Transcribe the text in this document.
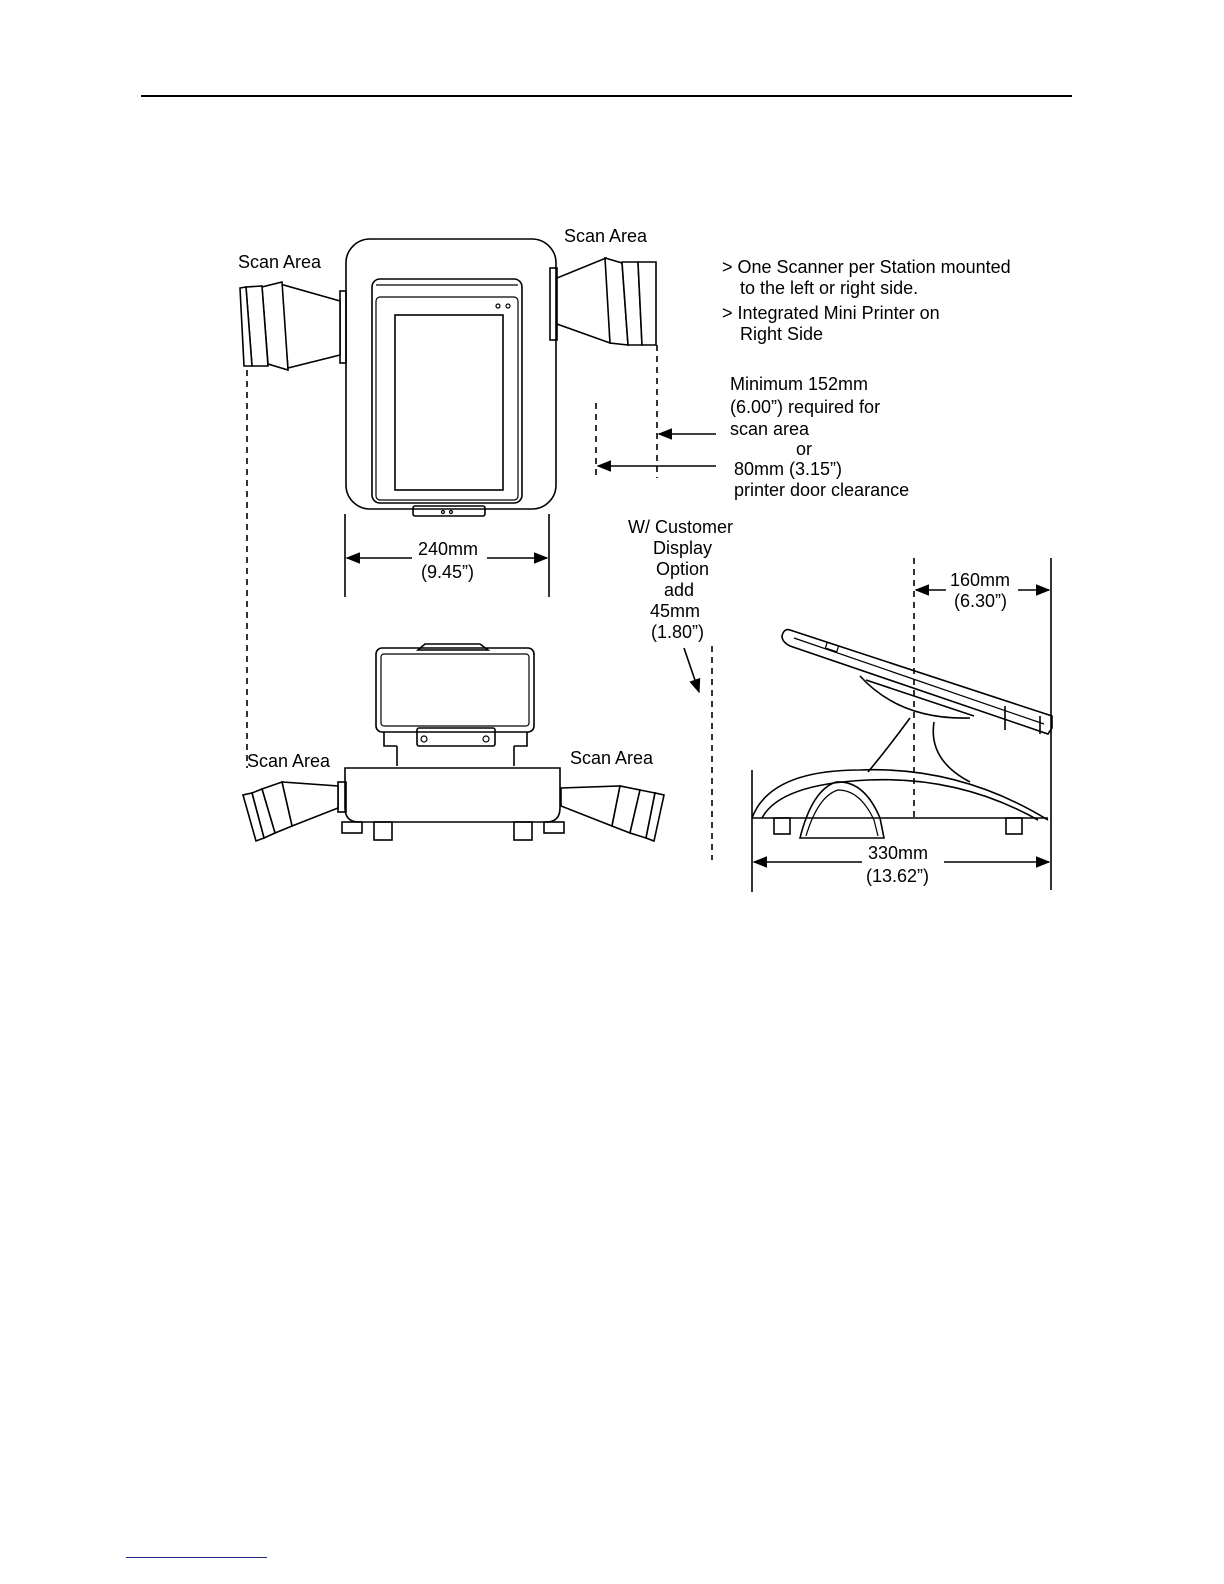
Scan Area
Scan Area
> One Scanner per Station mounted
to the left or right side.
> Integrated Mini Printer on
Right Side
Minimum 152mm
(6.00”) required for
scan area
or
80mm (3.15”)
printer door clearance
240mm
(9.45”)
W/ Customer
Display
Option
add
45mm
(1.80”)
Scan Area	Scan Area
160mm
(6.30”)
330mm
(13.62”)
